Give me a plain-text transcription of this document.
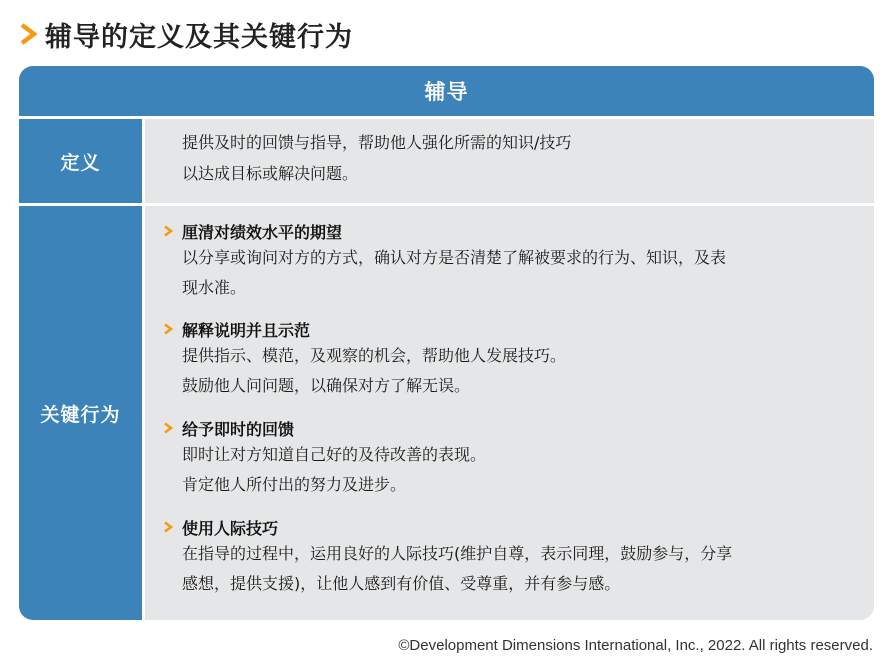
辅导的定义及其关键行为
辅导
定义
提供及时的回馈与指导，帮助他人强化所需的知识/技巧
以达成目标或解决问题。
关键行为
厘清对绩效水平的期望
以分享或询问对方的方式，确认对方是否清楚了解被要求的行为、知识，及表
现水准。
解释说明并且示范
提供指示、模范，及观察的机会，帮助他人发展技巧。
鼓励他人问问题，以确保对方了解无误。
给予即时的回馈
即时让对方知道自己好的及待改善的表现。
肯定他人所付出的努力及进步。
使用人际技巧
在指导的过程中，运用良好的人际技巧(维护自尊，表示同理，鼓励参与，分享
感想，提供支援)，让他人感到有价值、受尊重，并有参与感。
©Development Dimensions International, Inc., 2022. All rights reserved.
